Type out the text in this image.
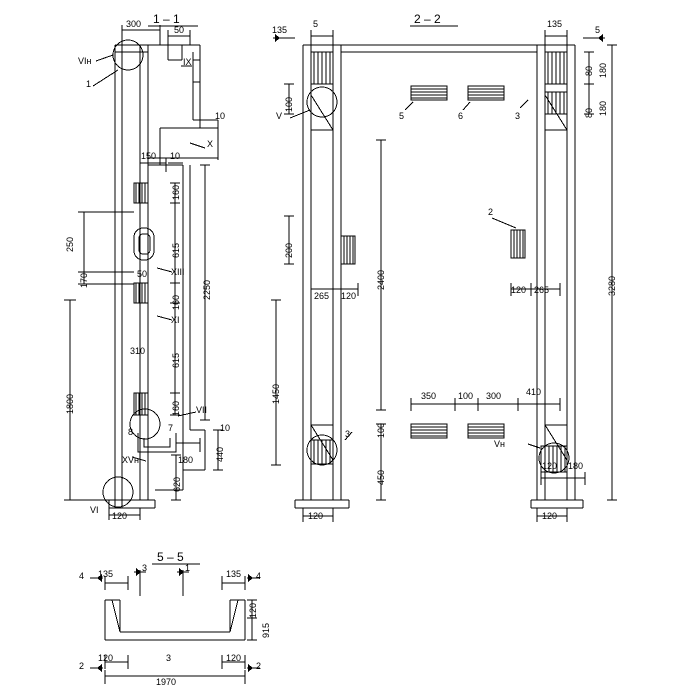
1 – 1
300
50
VIн
1
IX
X
10
150 10
250
170
1800
160
615
160
615
160
2250
440
620
50
310
XIII
XI
VII
10
8	7
XVн	180
VI
120
2 – 2
5	135
135	5
80 180
180
80
3280
100
200
1450
100
450
2400
V	5	6	3
2
3
Vн
265 120
120 265
350 100 300	410
120 180
120	120
5 – 5
4	4
2	2
135
3	1
135
120
915
120	3
1970
120
